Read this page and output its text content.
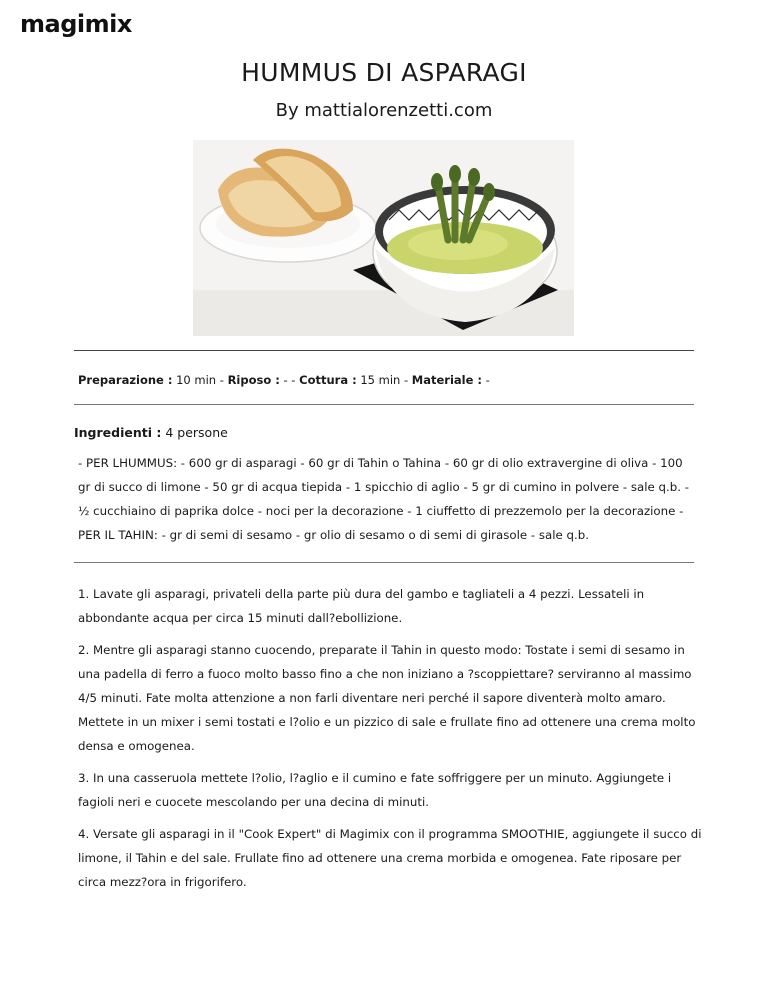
magimix
HUMMUS DI ASPARAGI
By mattialorenzetti.com
Preparazione : 10 min - Riposo : - - Cottura : 15 min - Materiale : -
Ingredienti : 4 persone
- PER LHUMMUS: - 600 gr di asparagi - 60 gr di Tahin o Tahina - 60 gr di olio extravergine di oliva - 100 gr di succo di limone - 50 gr di acqua tiepida - 1 spicchio di aglio - 5 gr di cumino in polvere - sale q.b. - ½ cucchiaino di paprika dolce - noci per la decorazione - 1 ciuffetto di prezzemolo per la decorazione - PER IL TAHIN: - gr di semi di sesamo - gr olio di sesamo o di semi di girasole - sale q.b.
1. Lavate gli asparagi, privateli della parte più dura del gambo e tagliateli a 4 pezzi. Lessateli in abbondante acqua per circa 15 minuti dall?ebollizione.
2. Mentre gli asparagi stanno cuocendo, preparate il Tahin in questo modo: Tostate i semi di sesamo in una padella di ferro a fuoco molto basso fino a che non iniziano a ?scoppiettare? serviranno al massimo 4/5 minuti. Fate molta attenzione a non farli diventare neri perché il sapore diventerà molto amaro. Mettete in un mixer i semi tostati e l?olio e un pizzico di sale e frullate fino ad ottenere una crema molto densa e omogenea.
3. In una casseruola mettete l?olio, l?aglio e il cumino e fate soffriggere per un minuto. Aggiungete i fagioli neri e cuocete mescolando per una decina di minuti.
4. Versate gli asparagi in il "Cook Expert" di Magimix con il programma SMOOTHIE, aggiungete il succo di limone, il Tahin e del sale. Frullate fino ad ottenere una crema morbida e omogenea. Fate riposare per circa mezz?ora in frigorifero.
